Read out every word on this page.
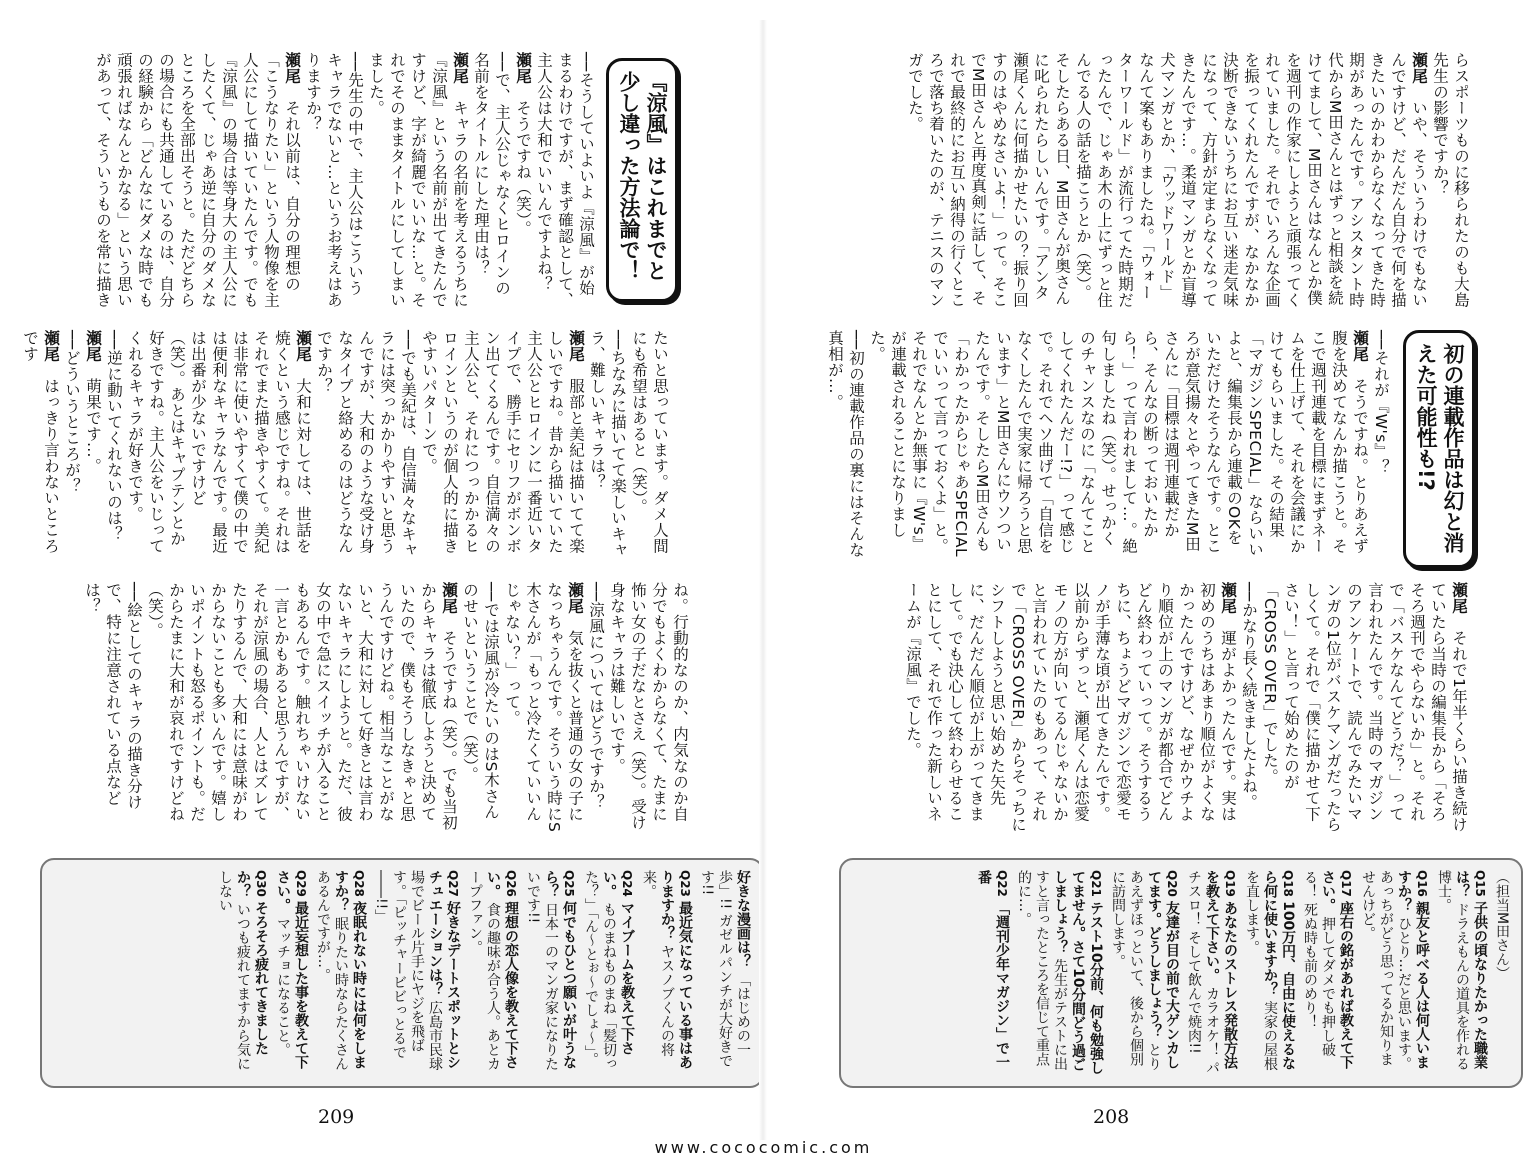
『涼風』はこれまでと少し違った方法論で！

──そうしていよいよ『涼風』が始まるわけですが、まず確認として、主人公は大和でいいんですよね？

瀬尾　そうですね（笑）。

──で、主人公じゃなくヒロインの名前をタイトルにした理由は？

瀬尾　キャラの名前を考えるうちに『涼風』という名前が出てきたんですけど、字が綺麗でいいな…と。それでそのままタイトルにしてしまいました。

──先生の中で、主人公はこういうキャラでないと…というお考えはありますか？

瀬尾　それ以前は、自分の理想の「こうなりたい」という人物像を主人公にして描いていたんです。でも『涼風』の場合は等身大の主人公にしたくて、じゃあ逆に自分のダメなところを全部出そうと。ただどちらの場合にも共通しているのは、自分の経験から「どんなにダメな時でも頑張ればなんとかなる」という思いがあって、そういうものを常に描き

たいと思っています。ダメ人間にも希望はあると（笑）。

──ちなみに描いてて楽しいキャラ、難しいキャラは？

瀬尾　服部と美紀は描いてて楽しいですね。昔から描いていた主人公とヒロインに一番近いタイプで、勝手にセリフがボンボン出てくるんです。自信満々の主人公と、それにつっかかるヒロインというのが個人的に描きやすいパターンで。

──でも美紀は、自信満々なキャラには突っかかりやすいと思うんですが、大和のような受け身なタイプと絡めるのはどうなんですか？

瀬尾　大和に対しては、世話を焼くという感じですね。それはそれでまた描きやすくて。美紀は非常に使いやすくて僕の中では便利なキャラなんです。最近は出番が少ないですけど（笑）。あとはキャプテンとか好きですね。主人公をいじってくれるキャラが好きです。

──逆に動いてくれないのは？

瀬尾　萌果です…。

──どういうところが？

瀬尾　はっきり言わないところです

ね。行動的なのか、内気なのか自分でもよくわからなくて、たまに怖い女の子だなとさえ（笑）。受け身なキャラは難しいです。

──涼風についてはどうですか？

瀬尾　気を抜くと普通の女の子になっちゃうんです。そういう時にS木さんが「もっと冷たくていいんじゃない？」って。

──では涼風が冷たいのはS木さんのせいということで（笑）。

瀬尾　そうですね（笑）。でも当初からキャラは徹底しようと決めていたので、僕もそうしなきゃと思うんですけどね。相当なことがないと、大和に対して好きとは言わないキャラにしようと。ただ、彼女の中で急にスイッチが入ることもあるんです。触れちゃいけない一言とかもあると思うんですが、それが涼風の場合、人とはズレてたりするんで、大和には意味がわからないことも多いんです。嬉しいポイントも怒るポイントも。だからたまに大和が哀れですけどね（笑）。

──絵としてのキャラの描き分けで、特に注意されている点などは？

好きな漫画は？ 「はじめの一歩」!! ガゼルパンチが大好きです!!

Q23 最近気になっている事はありますか？ ヤスノブくんの将来。

Q24 マイブームを教えて下さい。 ものまねものまね「髪切った？」「ん～とぉ～でしょ～」。

Q25 何でもひとつ願いが叶うなら？ 日本一のマンガ家になりたいです!!

Q26 理想の恋人像を教えて下さい。 食の趣味が合う人。あとカープファン。

Q27 好きなデートスポットとシチュエーションは？ 広島市民球場でビール片手にヤジを飛ばす。「ピッチャービビっとるで――!!」

Q28 夜眠れない時には何をしますか？ 眠りたい時ならたくさんあるんですが…。

Q29 最近妄想した事を教えて下さい。 マッチョになること。

Q30 そろそろ疲れてきましたか？ いつも疲れてますから気にしない

209

らスポーツものに移られたのも大島先生の影響ですか？

瀬尾　いや、そういうわけでもないんですけど、だんだん自分で何を描きたいのかわからなくなってきた時期があったんです。アシスタント時代からM田さんとはずっと相談を続けてまして、M田さんはなんとか僕を週刊の作家にしようと頑張ってくれていました。それでいろんな企画を振ってくれたんですが、なかなか決断できないうちにお互い迷走気味になって、方針が定まらなくなってきたんです…。柔道マンガとか盲導犬マンガとか、「ウッドワールド」なんて案もありましたね。「ウォーターワールド」が流行ってた時期だったんで、じゃあ木の上にずっと住んでる人の話を描こうとか（笑）。そしたらある日、M田さんが奥さんに叱られたらしいんです。「アンタ瀬尾くんに何描かせたいの？振り回すのはやめなさいよ！」って。そこでM田さんと再度真剣に話して、それで最終的にお互い納得の行くところで落ち着いたのが、テニスのマンガでした。

初の連載作品は幻と消えた可能性も!?

──それが『W's』？

瀬尾　そうですね。とりあえず腹を決めてなんか描こうと。そこで週刊連載を目標にまずネームを仕上げて、それを会議にかけてもらいました。その結果「マガジンSPECIAL」ならいいよと、編集長から連載のOKをいただけたそうなんです。ところが意気揚々とやってきたM田さんに「目標は週刊連載だから、そんなの断っておいたから！」って言われまして…。絶句しましたね（笑）。せっかくのチャンスなのに「なんてことしてくれたんだー!?」って感じで。それでヘソ曲げて「自信をなくしたんで実家に帰ろうと思います」とM田さんにウソついたんです。そしたらM田さんも「わかったからじゃあSPECIALでいいって言っておくよ」と。それでなんとか無事に『W's』が連載されることになりました。

──初の連載作品の裏にはそんな真相が…。

瀬尾　それで1年半くらい描き続けていたら当時の編集長から「そろそろ週刊でやらないか」と。それで「バスケなんてどうだ？」って言われたんです。当時のマガジンのアンケートで、読んでみたいマンガの1位がバスケマンガだったらしくて。それで「僕に描かせて下さい！」と言って始めたのが「CROSS OVER」でした。

──かなり長く続きましたよね。

瀬尾　運がよかったんです。実は初めのうちはあまり順位がよくなかったんですけど、なぜかウチより順位が上のマンガが都合でどんどん終わっていって。そうするうちに、ちょうどマガジンで恋愛モノが手薄な頃が出てきたんです。以前からずっと、瀬尾くんは恋愛モノの方が向いてるんじゃないかと言われていたのもあって、それで「CROSS OVER」からそっちにシフトしようと思い始めた矢先に、だんだん順位が上がってきまして。でも決心して終わらせることにして、それで作った新しいネームが『涼風』でした。

（担当M田さん）

Q15 子供の頃なりたかった職業は？ ドラえもんの道具を作れる博士。

Q16 親友と呼べる人は何人いますか？ ひとり…だと思います。あっちがどう思ってるか知りませんけど。

Q17 座右の銘があれば教えて下さい。 押してダメでも押し破る！ 死ぬ時も前のめり！

Q18 100万円、自由に使えるなら何に使いますか？ 実家の屋根を直します。

Q19 あなたのストレス発散方法を教えて下さい。 カラオケ！ パチスロ！ そして飲んで焼肉!!

Q20 友達が目の前で大ゲンカしてます。どうしましょう？ とりあえずほっといて、後から個別に訪問します。

Q21 テスト10分前、何も勉強してません。さて10分間どう過ごしましょう？ 先生がテストに出すと言ったところを信じて重点的に…。

Q22 「週刊少年マガジン」で一番

208
www.cococomic.com
